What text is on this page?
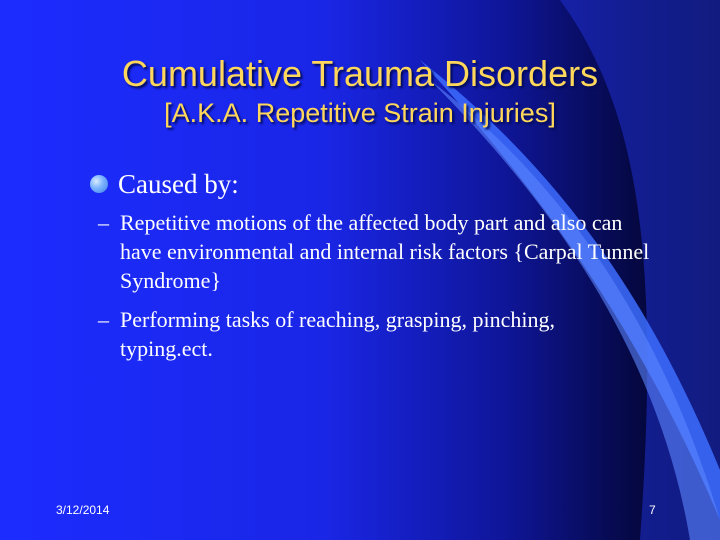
Cumulative Trauma Disorders
[A.K.A. Repetitive Strain Injuries]
Caused by:
– Repetitive motions of the affected body part and also can have environmental and internal risk factors {Carpal Tunnel Syndrome}
– Performing tasks of reaching, grasping, pinching, typing.ect.
3/12/2014	7
